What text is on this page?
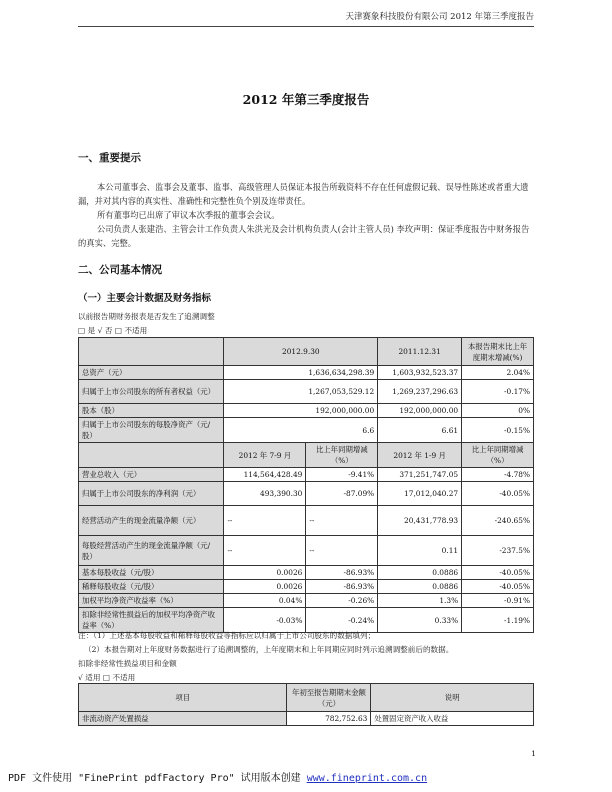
天津赛象科技股份有限公司 2012 年第三季度报告
2012 年第三季度报告
一、重要提示
本公司董事会、监事会及董事、监事、高级管理人员保证本报告所载资料不存在任何虚假记载、误导性陈述或者重大遗漏，并对其内容的真实性、准确性和完整性负个别及连带责任。
所有董事均已出席了审议本次季报的董事会会议。
公司负责人张建浩、主管会计工作负责人朱洪光及会计机构负责人(会计主管人员) 李玫声明：保证季度报告中财务报告的真实、完整。
二、公司基本情况
（一）主要会计数据及财务指标
以前报告期财务报表是否发生了追溯调整
□ 是 √ 否 □ 不适用
	2012.9.30		2011.12.31	本报告期末比上年度期末增减(%)
总资产（元）	1,636,634,298.39		1,603,932,523.37	2.04%
归属于上市公司股东的所有者权益（元）	1,267,053,529.12		1,269,237,296.63	-0.17%
股本（股）	192,000,000.00		192,000,000.00	0%
归属于上市公司股东的每股净资产（元/股）	6.6		6.61	-0.15%
	2012 年 7-9 月	比上年同期增减（%）	2012 年 1-9 月	比上年同期增减（%）
营业总收入（元）	114,564,428.49	-9.41%	371,251,747.05	-4.78%
归属于上市公司股东的净利润（元）	493,390.30	-87.09%	17,012,040.27	-40.05%
经营活动产生的现金流量净额（元）	--	--	20,431,778.93	-240.65%
每股经营活动产生的现金流量净额（元/股）	--	--	0.11	-237.5%
基本每股收益（元/股）	0.0026	-86.93%	0.0886	-40.05%
稀释每股收益（元/股）	0.0026	-86.93%	0.0886	-40.05%
加权平均净资产收益率（%）	0.04%	-0.26%	1.3%	-0.91%
扣除非经常性损益后的加权平均净资产收益率（%）	-0.03%	-0.24%	0.33%	-1.19%
注：（1）上述基本每股收益和稀释每股收益等指标应以归属于上市公司股东的数据填列；
（2）本报告期对上年度财务数据进行了追溯调整的，上年度期末和上年同期应同时列示追溯调整前后的数据。
扣除非经常性损益项目和金额
√ 适用 □ 不适用
项目	年初至报告期期末金额（元）	说明
非流动资产处置损益	782,752.63	处置固定资产收入收益
1
PDF 文件使用 "FinePrint pdfFactory Pro" 试用版本创建 www.fineprint.com.cn
